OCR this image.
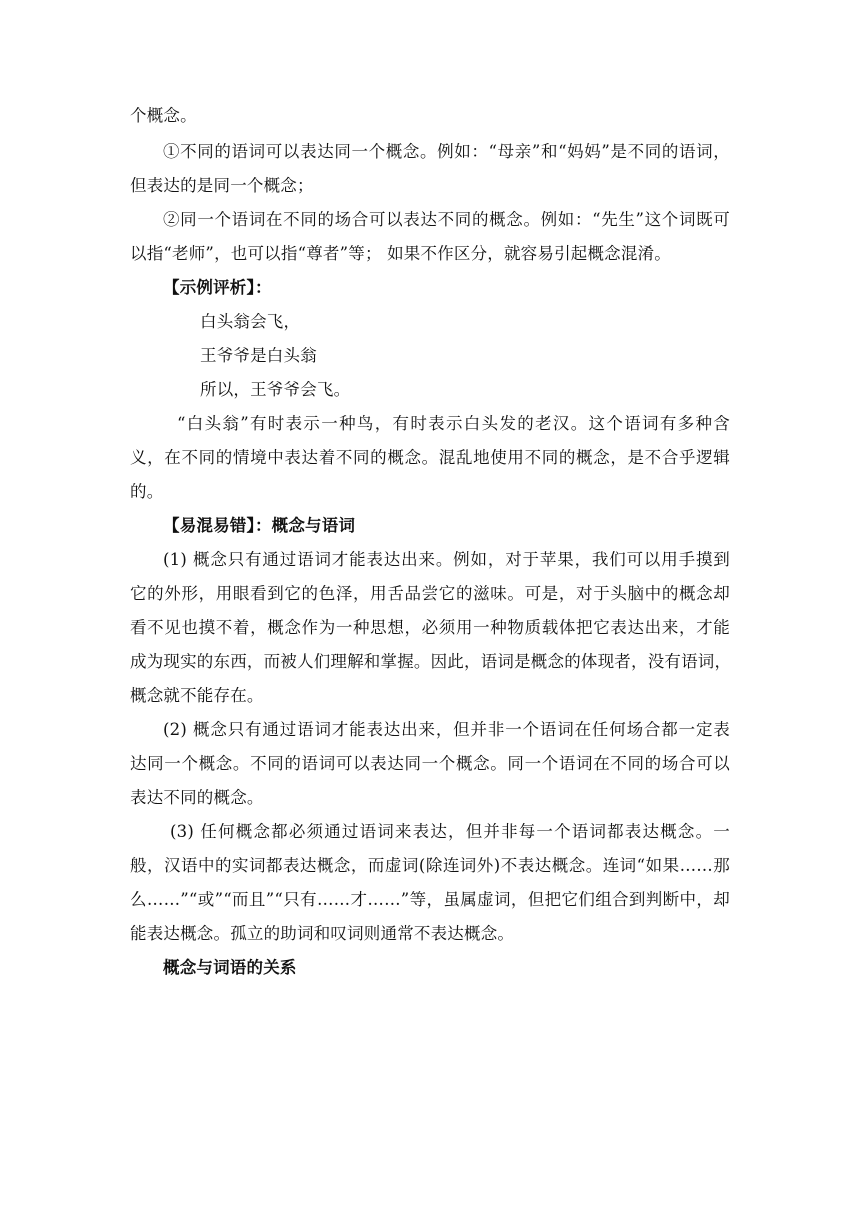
个概念。
①不同的语词可以表达同一个概念。例如：“母亲”和“妈妈”是不同的语词，
但表达的是同一个概念；
②同一个语词在不同的场合可以表达不同的概念。例如：“先生”这个词既可
以指“老师”，也可以指“尊者”等； 如果不作区分，就容易引起概念混淆。
【示例评析】：
白头翁会飞，
王爷爷是白头翁
所以，王爷爷会飞。
“白头翁”有时表示一种鸟，有时表示白头发的老汉。这个语词有多种含
义，在不同的情境中表达着不同的概念。混乱地使用不同的概念，是不合乎逻辑
的。
【易混易错】：概念与语词
(1) 概念只有通过语词才能表达出来。例如，对于苹果，我们可以用手摸到
它的外形，用眼看到它的色泽，用舌品尝它的滋味。可是，对于头脑中的概念却
看不见也摸不着，概念作为一种思想，必须用一种物质载体把它表达出来，才能
成为现实的东西，而被人们理解和掌握。因此，语词是概念的体现者，没有语词，
概念就不能存在。
(2) 概念只有通过语词才能表达出来，但并非一个语词在任何场合都一定表
达同一个概念。不同的语词可以表达同一个概念。同一个语词在不同的场合可以
表达不同的概念。
(3) 任何概念都必须通过语词来表达，但并非每一个语词都表达概念。一
般，汉语中的实词都表达概念，而虚词(除连词外)不表达概念。连词“如果……那
么……”“或”“而且”“只有……才……”等，虽属虚词，但把它们组合到判断中，却
能表达概念。孤立的助词和叹词则通常不表达概念。
概念与词语的关系
